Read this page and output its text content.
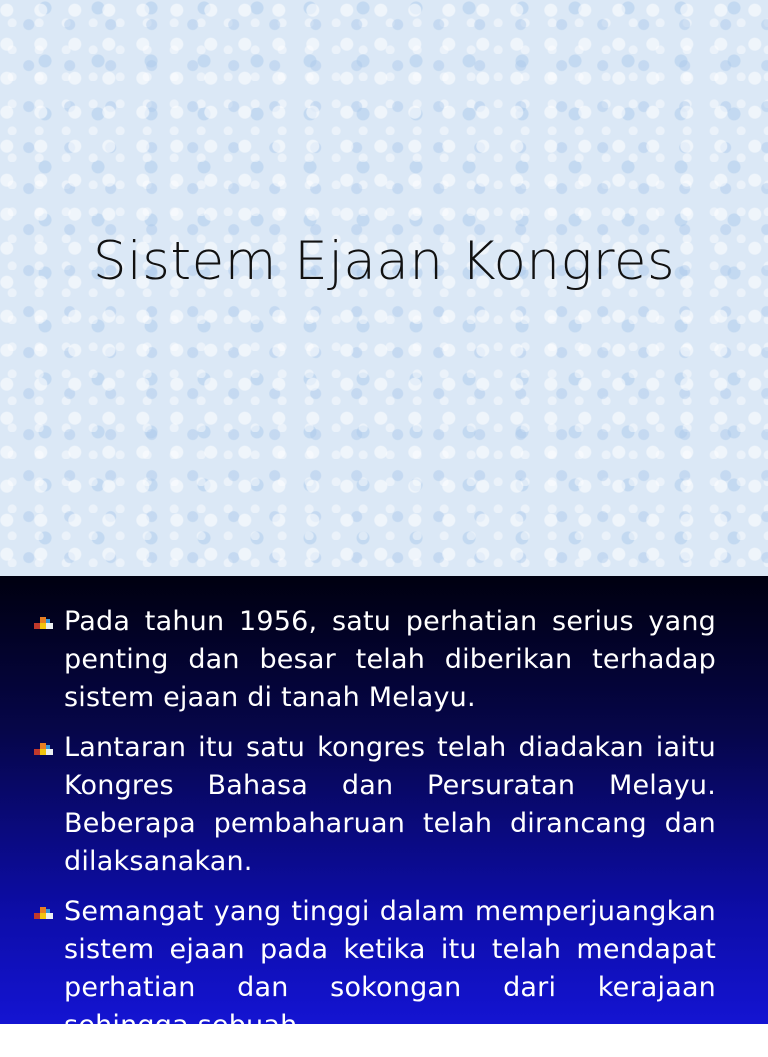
Sistem Ejaan Kongres
Pada tahun 1956, satu perhatian serius yang penting dan besar telah diberikan terhadap sistem ejaan di tanah Melayu.
Lantaran itu satu kongres telah diadakan iaitu Kongres Bahasa dan Persuratan Melayu. Beberapa pembaharuan telah dirancang dan dilaksanakan.
Semangat yang tinggi dalam memperjuangkan sistem ejaan pada ketika itu telah mendapat perhatian dan sokongan dari kerajaan sehingga sebuah
